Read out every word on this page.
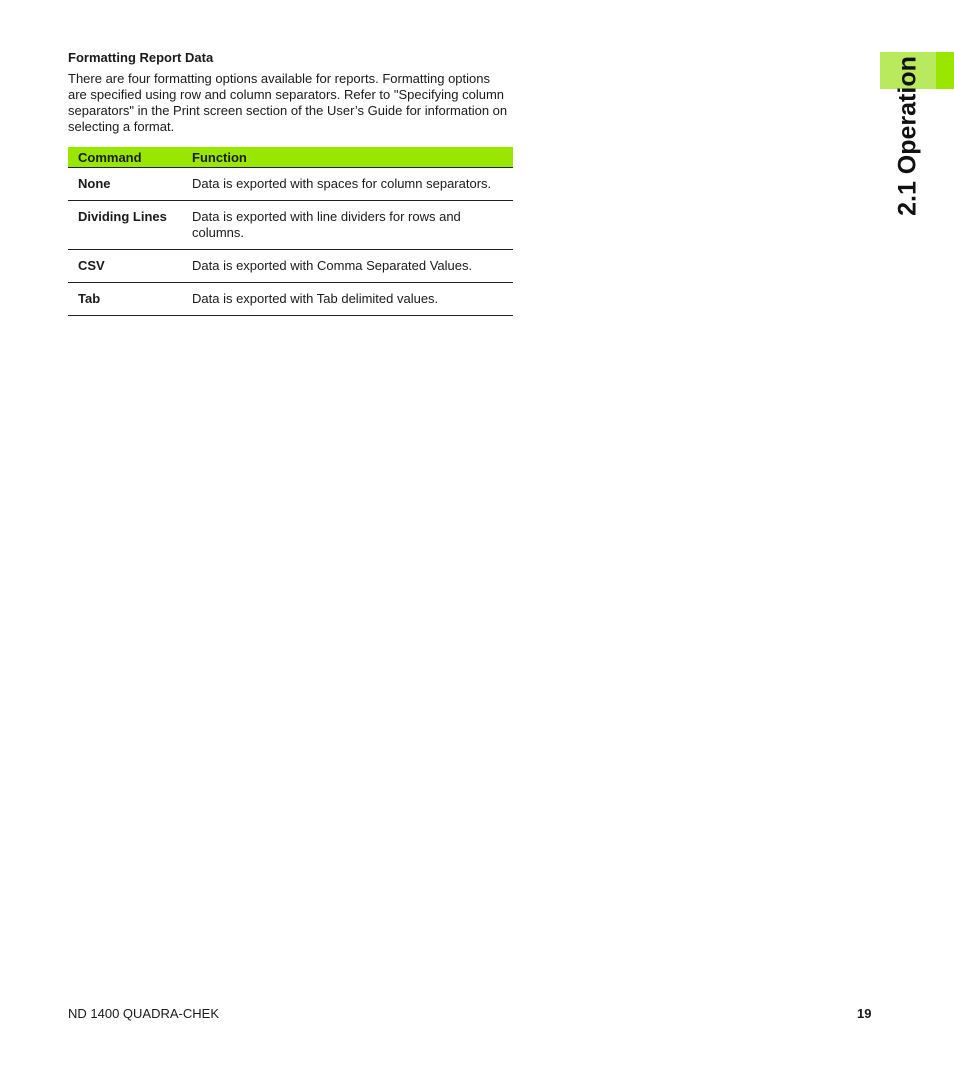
Formatting Report Data

There are four formatting options available for reports. Formatting options are specified using row and column separators. Refer to "Specifying column separators" in the Print screen section of the User’s Guide for information on selecting a format.

Command	Function
None	Data is exported with spaces for column separators.
Dividing Lines	Data is exported with line dividers for rows and columns.
CSV	Data is exported with Comma Separated Values.
Tab	Data is exported with Tab delimited values.
2.1 Operation
ND 1400 QUADRA-CHEK	19
